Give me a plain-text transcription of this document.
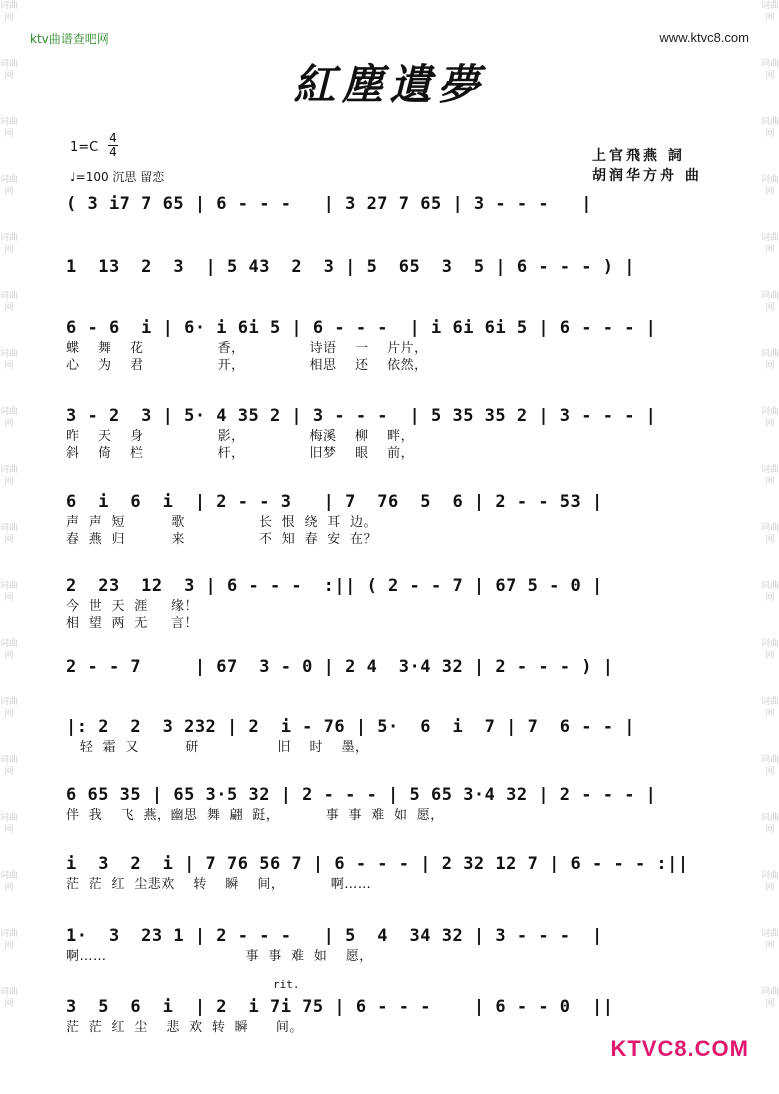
词曲网
词曲网
词曲网
词曲网
词曲网
词曲网
词曲网
词曲网
词曲网
词曲网
词曲网
词曲网
词曲网
词曲网
词曲网
词曲网
词曲网
词曲网
词曲网
词曲网
词曲网
词曲网
词曲网
词曲网
词曲网
词曲网
词曲网
词曲网
词曲网
词曲网
词曲网
词曲网
词曲网
词曲网
词曲网
词曲网
ktv曲谱查吧网	www.ktvc8.com
紅塵遺夢
1=C
4
4
♩=100 沉思 留恋
上官飛燕 詞
胡润华方舟 曲
( 3 i7 7 65 | 6 - - -   | 3 27 7 65 | 3 - - -   |
1  13  2  3  | 5 43  2  3 | 5  65  3  5 | 6 - - - ) |
6 - 6  i | 6· i 6i 5 | 6 - - -  | i 6i 6i 5 | 6 - - - |
蝶    舞    花                香，              诗语    一    片片，
心    为    君                开，              相思    还    依然，
3 - 2  3 | 5· 4 35 2 | 3 - - -  | 5 35 35 2 | 3 - - - |
昨    天    身                影，              梅溪    柳    畔，
斜    倚    栏                杆，              旧梦    眼    前，
6  i  6  i  | 2 - - 3   | 7  76  5  6 | 2 - - 53 |
声  声  短          歌                长  恨  绕  耳  边。
春  燕  归          来                不  知  春  安  在？
2  23  12  3 | 6 - - -  :|| ( 2 - - 7 | 67 5 - 0 |
今  世  天  涯     缘！
相  望  两  无     言！
2 - - 7     | 67  3 - 0 | 2 4  3·4 32 | 2 - - - ) |
|: 2  2  3 232 | 2  i - 76 | 5·  6  i  7 | 7  6 - - |
轻  霜  又          研                 旧    时    墨，
6 65 35 | 65 3·5 32 | 2 - - - | 5 65 3·4 32 | 2 - - - |
伴  我    飞  燕，幽思  舞  翩  跹，          事  事  难  如  愿，
i  3  2  i | 7 76 56 7 | 6 - - - | 2 32 12 7 | 6 - - - :||
茫  茫  红  尘悲欢    转    瞬    间，          啊……
1·  3  23 1 | 2 - - -   | 5  4  34 32 | 3 - - -  |
啊……                              事  事  难  如    愿，
3  5  6  i  | 2  i 7i 75 | 6 - - -    | 6 - - 0  ||
茫  茫  红  尘    悲  欢  转  瞬      间。
rit.
KTVC8.COM
